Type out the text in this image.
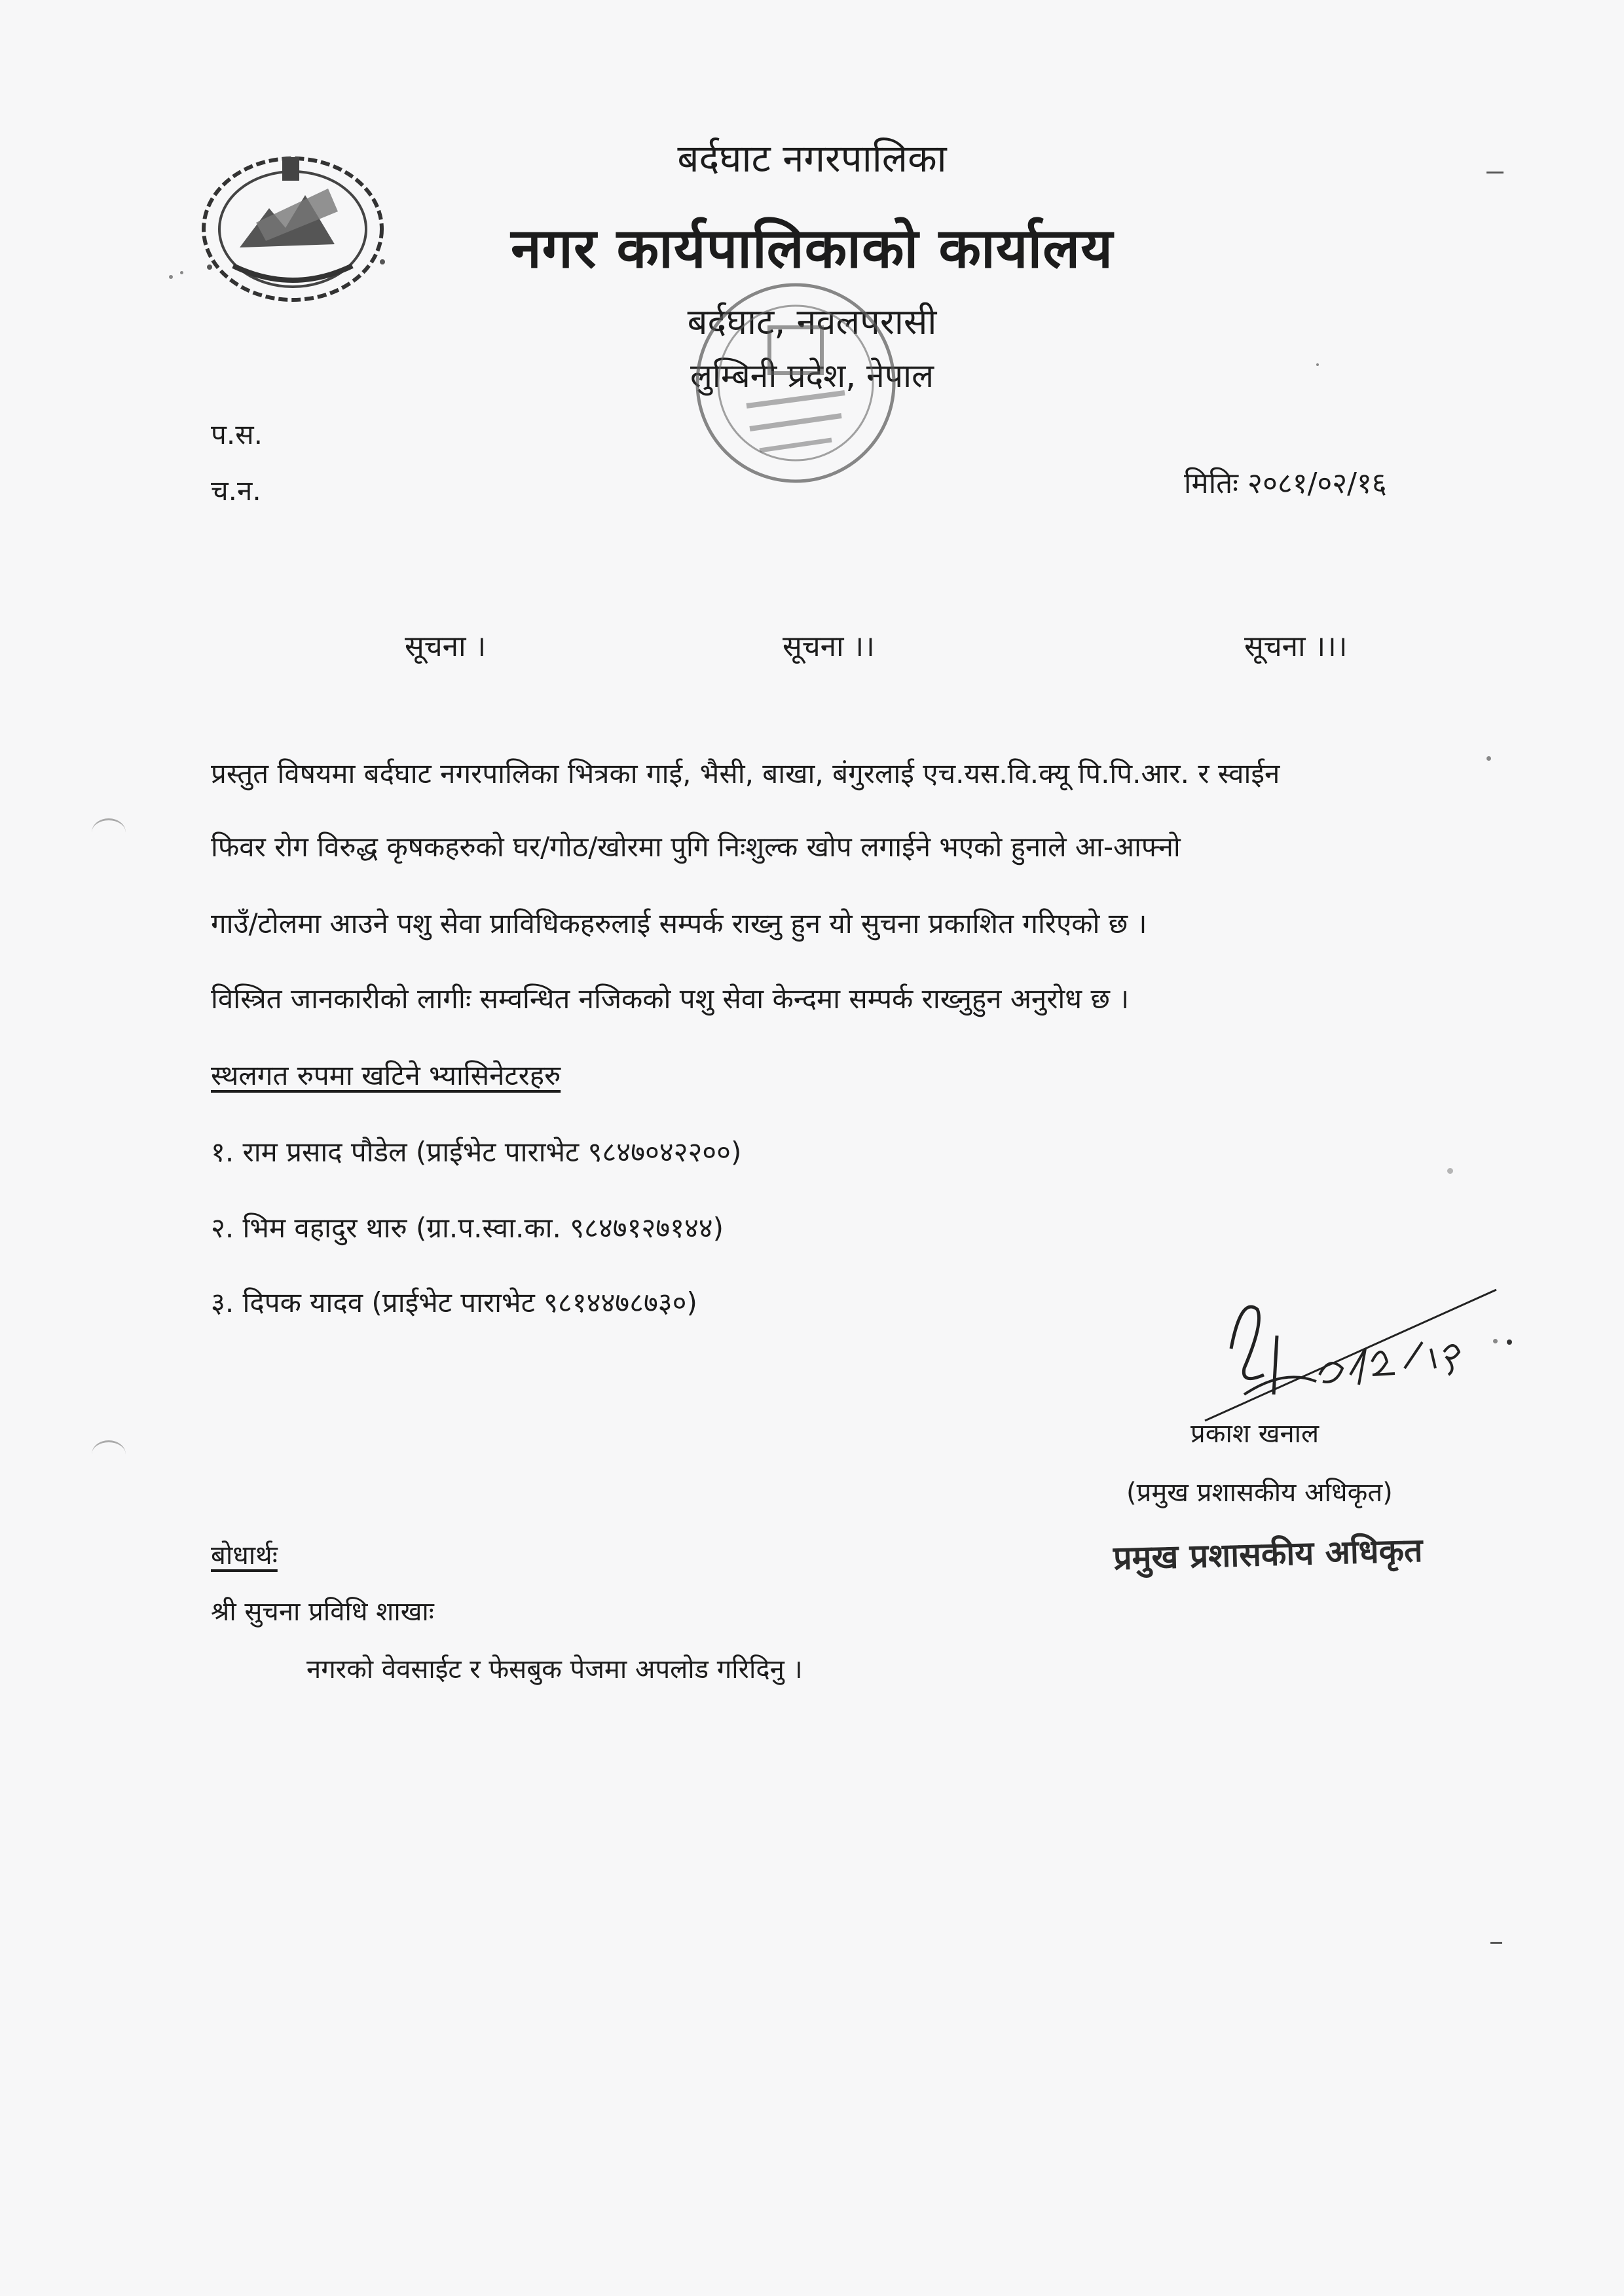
बर्दघाट नगरपालिका
नगर कार्यपालिकाको कार्यालय
बर्दघाट, नवलपरासी
लुम्बिनी प्रदेश, नेपाल
प.स.
च.न.	मितिः २०८१/०२/१६
सूचना ।	सूचना ।।	सूचना ।।।
प्रस्तुत विषयमा बर्दघाट नगरपालिका भित्रका गाई, भैसी, बाखा, बंगुरलाई एच.यस.वि.क्यू पि.पि.आर. र स्वाईन
फिवर रोग विरुद्ध कृषकहरुको घर/गोठ/खोरमा पुगि निःशुल्क खोप लगाईने भएको हुनाले आ-आफ्नो
गाउँ/टोलमा आउने पशु सेवा प्राविधिकहरुलाई सम्पर्क राख्नु हुन यो सुचना प्रकाशित गरिएको छ ।
विस्त्रित जानकारीको लागीः सम्वन्धित नजिकको पशु सेवा केन्दमा सम्पर्क राख्नुहुन अनुरोध छ ।
स्थलगत रुपमा खटिने भ्यासिनेटरहरु
१. राम प्रसाद पौडेल (प्राईभेट पाराभेट ९८४७०४२२००)
२. भिम वहादुर थारु (ग्रा.प.स्वा.का. ९८४७१२७१४४)
३. दिपक यादव (प्राईभेट पाराभेट ९८१४४७८७३०)
प्रकाश खनाल
(प्रमुख प्रशासकीय अधिकृत)
प्रमुख प्रशासकीय अधिकृत
बोधार्थः
श्री सुचना प्रविधि शाखाः
नगरको वेवसाईट र फेसबुक पेजमा अपलोड गरिदिनु ।
